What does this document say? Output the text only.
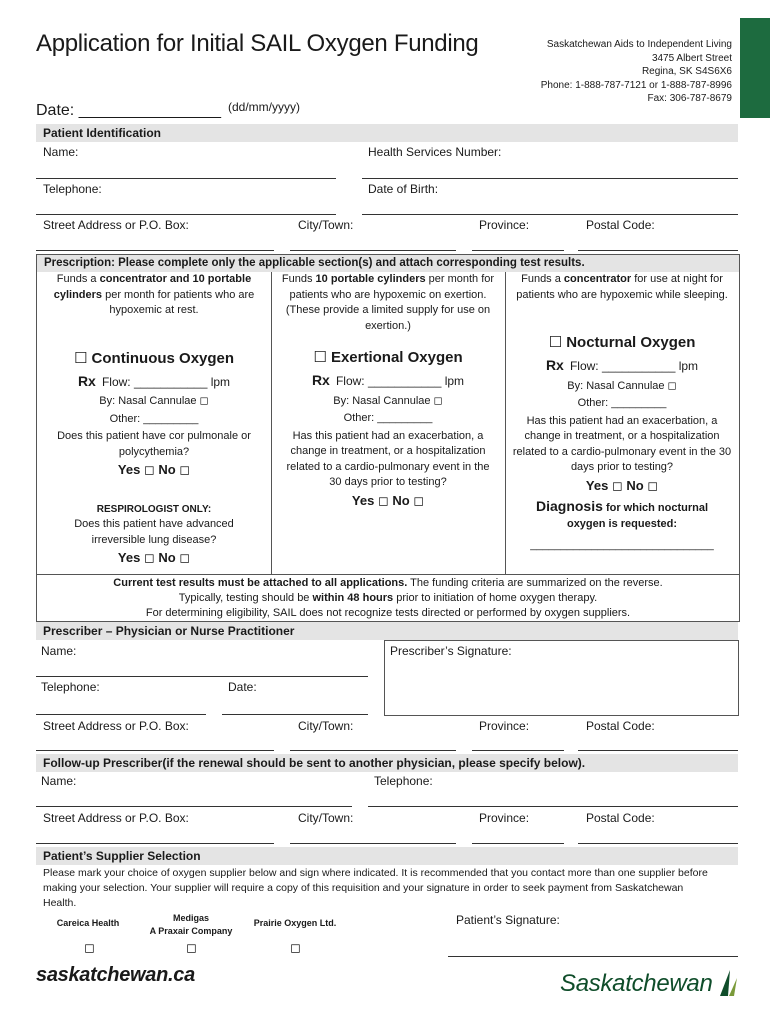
Application for Initial SAIL Oxygen Funding	Saskatchewan Aids to Independent Living
3475 Albert Street
Regina, SK S4S6X6
Phone: 1-888-787-7121 or 1-888-787-8996
Fax: 306-787-8679
Date: ________________ (dd/mm/yyyy)
Patient Identification
Name:	Health Services Number:
Telephone:	Date of Birth:
Street Address or P.O. Box:	City/Town:	Province:	Postal Code:
Prescription: Please complete only the applicable section(s) and attach corresponding test results.
Funds a concentrator and 10 portable cylinders per month for patients who are hypoxemic at rest.
☐ Continuous Oxygen
Rx Flow: ___________ lpm
By: Nasal Cannulae ◻
Other: _________
Does this patient have cor pulmonale or polycythemia?
Yes ◻ No ◻
RESPIROLOGIST ONLY:
Does this patient have advanced irreversible lung disease?
Yes ◻ No ◻
Funds 10 portable cylinders per month for patients who are hypoxemic on exertion. (These provide a limited supply for use on exertion.)
☐ Exertional Oxygen
Rx Flow: ___________ lpm
By: Nasal Cannulae ◻
Other: _________
Has this patient had an exacerbation, a change in treatment, or a hospitalization related to a cardio-pulmonary event in the 30 days prior to testing?
Yes ◻ No ◻
Funds a concentrator for use at night for patients who are hypoxemic while sleeping.
☐ Nocturnal Oxygen
Rx Flow: ___________ lpm
By: Nasal Cannulae ◻
Other: _________
Has this patient had an exacerbation, a change in treatment, or a hospitalization related to a cardio-pulmonary event in the 30 days prior to testing?
Yes ◻ No ◻
Diagnosis for which nocturnal oxygen is requested:
______________________________
Current test results must be attached to all applications. The funding criteria are summarized on the reverse.
Typically, testing should be within 48 hours prior to initiation of home oxygen therapy.
For determining eligibility, SAIL does not recognize tests directed or performed by oxygen suppliers.
Prescriber – Physician or Nurse Practitioner
Prescriber’s Signature:
Name:
Telephone:	Date:
Street Address or P.O. Box:	City/Town:	Province:	Postal Code:
Follow-up Prescriber(if the renewal should be sent to another physician, please specify below).
Name:	Telephone:
Street Address or P.O. Box:	City/Town:	Province:	Postal Code:
Patient’s Supplier Selection
Please mark your choice of oxygen supplier below and sign where indicated. It is recommended that you contact more than one supplier before making your selection. Your supplier will require a copy of this requisition and your signature in order to seek payment from Saskatchewan Health.
Careica Health	Medigas
A Praxair Company
Prairie Oxygen Ltd.
◻	◻	◻
Patient’s Signature:
saskatchewan.ca	Saskatchewan
